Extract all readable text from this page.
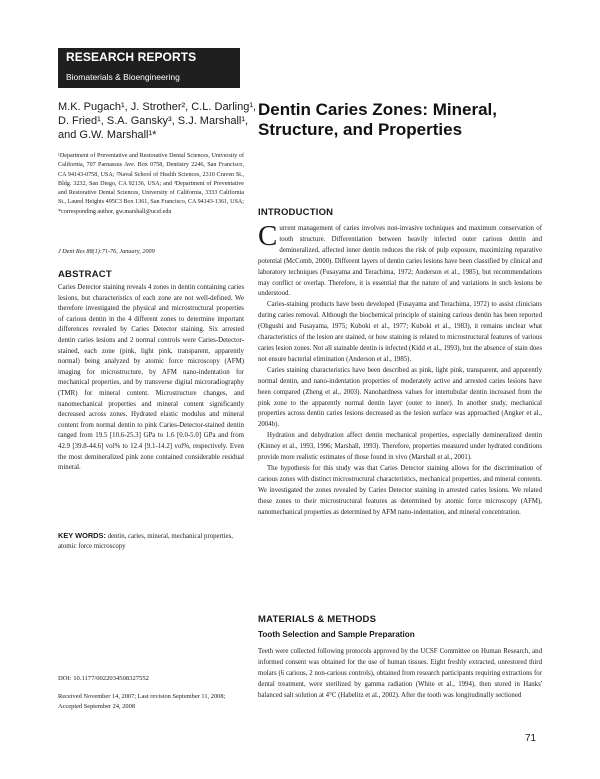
RESEARCH REPORTS
Biomaterials & Bioengineering
M.K. Pugach¹, J. Strother², C.L. Darling¹, D. Fried¹, S.A. Gansky³, S.J. Marshall¹, and G.W. Marshall¹*
¹Department of Preventative and Restorative Dental Sciences, University of California, 707 Parnassus Ave. Box 0758, Dentistry 2246, San Francisco, CA 94143-0758, USA; ²Naval School of Health Sciences, 2310 Craven St., Bldg. 3232, San Diego, CA 92136, USA; and ³Department of Preventative and Restorative Dental Sciences, University of California, 3333 California St., Laurel Heights 495C3 Box 1361, San Francisco, CA 94143-1361, USA; *corresponding author, gw.marshall@ucsf.edu
J Dent Res 88(1):71-76, January, 2009
ABSTRACT
Caries Detector staining reveals 4 zones in dentin containing caries lesions, but characteristics of each zone are not well-defined. We therefore investigated the physical and microstructural properties of carious dentin in the 4 different zones to determine important differences revealed by Caries Detector staining. Six arrested dentin caries lesions and 2 normal controls were Caries-Detector-stained, each zone (pink, light pink, transparent, apparently normal) being analyzed by atomic force microscopy (AFM) imaging for microstructure, by AFM nano-indentation for mechanical properties, and by transverse digital microradiography (TMR) for mineral content. Microstructure changes, and nanomechanical properties and mineral content significantly decreased across zones. Hydrated elastic modulus and mineral content from normal dentin to pink Caries-Detector-stained dentin ranged from 19.5 [10.6-25.3] GPa to 1.6 [0.0-5.0] GPa and from 42.9 [39.8-44.6] vol% to 12.4 [9.1-14.2] vol%, respectively. Even the most demineralized pink zone contained considerable residual mineral.
KEY WORDS: dentin, caries, mineral, mechanical properties, atomic force microscopy
DOI: 10.1177/0022034508327552
Received November 14, 2007; Last revision September 11, 2008; Accepted September 24, 2008
Dentin Caries Zones: Mineral, Structure, and Properties
INTRODUCTION

Current management of caries involves non-invasive techniques and maximum conservation of tooth structure. Differentiation between heavily infected outer carious dentin and demineralized, affected inner dentin reduces the risk of pulp exposure, maximizing reparative potential (McComb, 2000). Different layers of dentin caries lesions have been classified by clinical and laboratory techniques (Fusayama and Terachima, 1972; Anderson et al., 1985), but recommendations may conflict or overlap. Therefore, it is essential that the nature of and variations in such lesions be understood.

Caries-staining products have been developed (Fusayama and Terachima, 1972) to assist clinicians during caries removal. Although the biochemical principle of staining carious dentin has been reported (Ohgushi and Fusayama, 1975; Kuboki et al., 1977; Kuboki et al., 1983), it remains unclear what characteristics of the lesion are stained, or how staining is related to microstructural features of various caries lesion zones. Not all stainable dentin is infected (Kidd et al., 1993), but the absence of stain does not ensure bacterial elimination (Anderson et al., 1985).

Caries staining characteristics have been described as pink, light pink, transparent, and apparently normal dentin, and nano-indentation properties of moderately active and arrested caries lesions have been compared (Zheng et al., 2003). Nanohardness values for intertubular dentin increased from the pink zone to the apparently normal dentin layer (outer to inner). In another study, mechanical properties across dentin caries lesions decreased as the lesion surface was approached (Angker et al., 2004b).

Hydration and dehydration affect dentin mechanical properties, especially demineralized dentin (Kinney et al., 1993, 1996; Marshall, 1993). Therefore, properties measured under hydrated conditions provide more realistic estimates of those found in vivo (Marshall et al., 2001).

The hypothesis for this study was that Caries Detector staining allows for the discrimination of carious zones with distinct microstructural characteristics, mechanical properties, and mineral contents. We investigated the zones revealed by Caries Detector staining in arrested caries lesions. We related these zones to their microstructural features as determined by atomic force microscopy (AFM), nanomechanical properties as determined by AFM nano-indentation, and mineral concentration.

MATERIALS & METHODS
Tooth Selection and Sample Preparation

Teeth were collected following protocols approved by the UCSF Committee on Human Research, and informed consent was obtained for the use of human tissues. Eight freshly extracted, unrestored third molars (6 carious, 2 non-carious controls), obtained from research participants requiring extractions for dental treatment, were sterilized by gamma radiation (White et al., 1994), then stored in Hanks' balanced salt solution at 4°C (Habelitz et al., 2002). After the tooth was longitudinally sectioned

71
